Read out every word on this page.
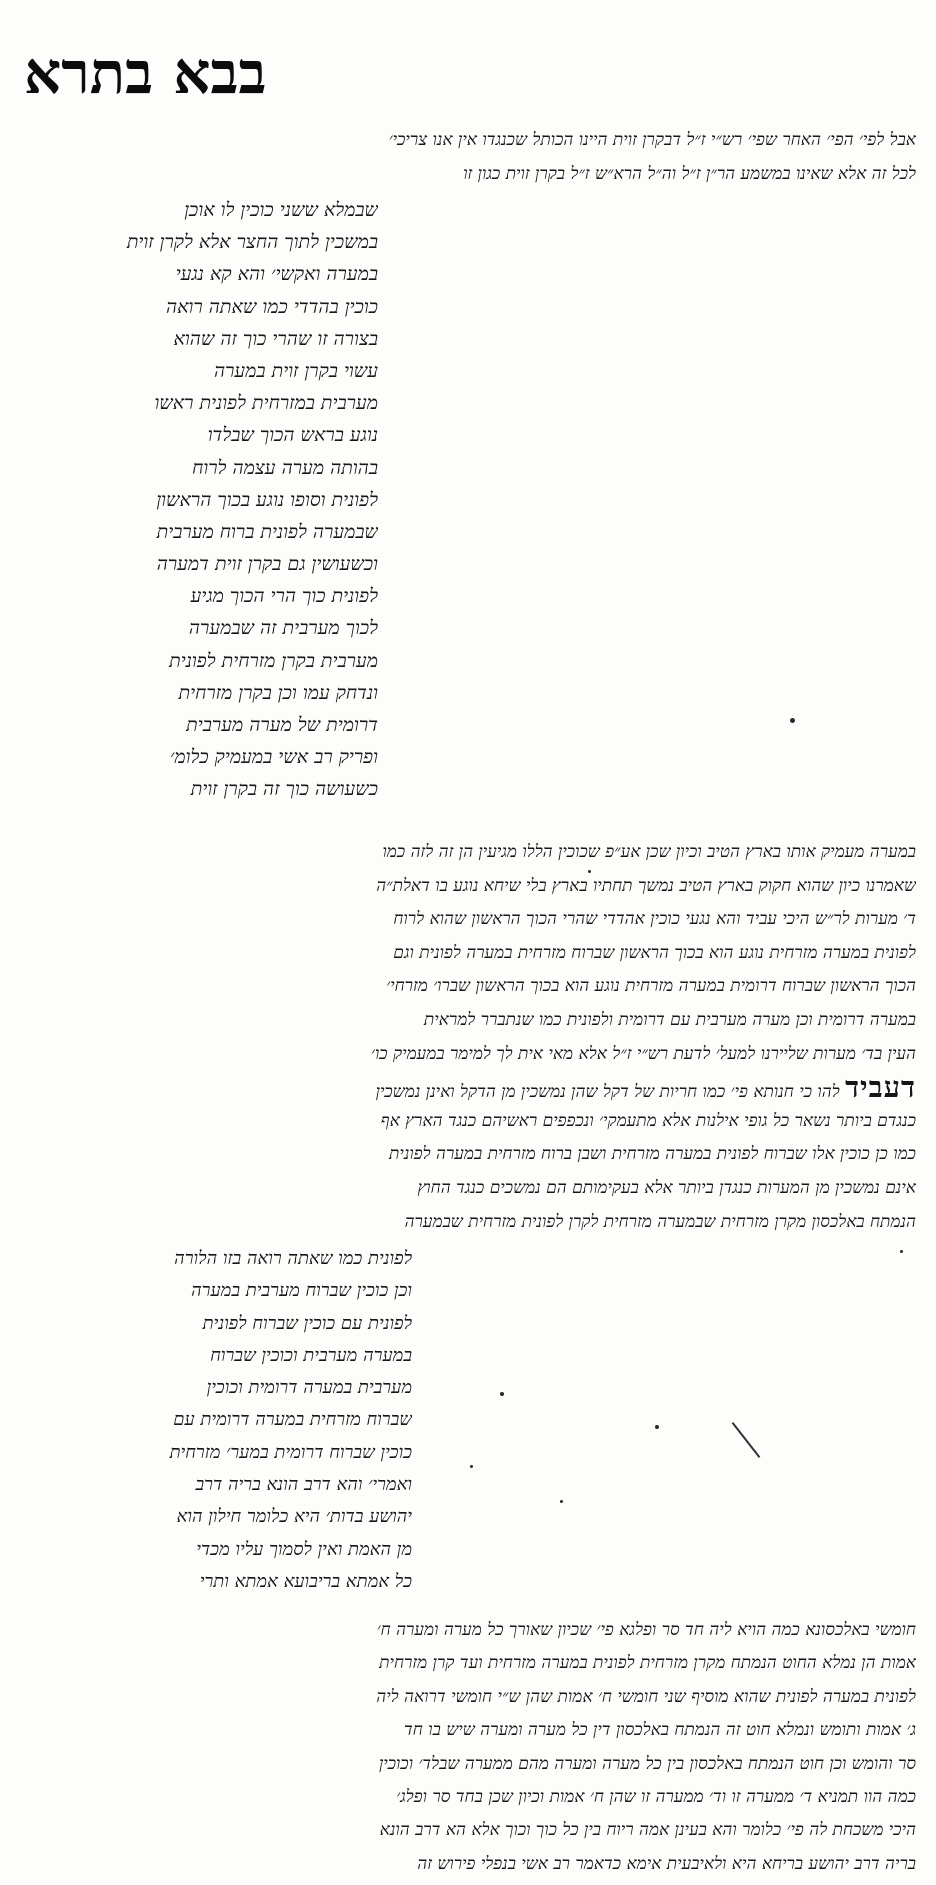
בבא בתרא
אבל לפי׳ הפי׳ האחר שפי׳ רש״י ז״ל דבקרן זוית היינו הכותל שכנגדו אין אנו צריכי׳
לכל זה אלא שאינו במשמע הר״ן ז״ל וה״ל הרא״ש ז״ל בקרן זוית כגון זו
שבמלא ששני כוכין לו אוכן
במשכין לתוך החצר אלא לקרן זוית
במערה ואקשי׳ והא קא נגעי
כוכין בהדדי כמו שאתה רואה
בצורה זו שהרי כוך זה שהוא
עשוי בקרן זוית במערה
מערבית במזרחית לפונית ראשו
נוגע בראש הכוך שבלדו
בהותה מערה עצמה לרוח
לפונית וסופו נוגע בכוך הראשון
שבמערה לפונית ברוח מערבית
וכשעושין גם בקרן זוית דמערה
לפונית כוך הרי הכוך מגיע
לכוך מערבית זה שבמערה
מערבית בקרן מזרחית לפונית
ונדחק עמו וכן בקרן מזרחית
דרומית של מערה מערבית
ופריק רב אשי במעמיק כלומ׳
כשעושה כוך זה בקרן זוית
במערה מעמיק אותו בארץ הטיב וכיון שכן אע״פ שכוכין הללו מגיעין הן זה לזה כמו
שאמרנו כיון שהוא חקוק בארץ הטיב נמשך תחתיו בארץ בלי שיחא נוגע בו דאלת״ה
ד׳ מערות לר״ש היכי עביד והא נגעי כוכין אהדדי שהרי הכוך הראשון שהוא לרוח
לפונית במערה מזרחית נוגע הוא בכוך הראשון שברוח מזרחית במערה לפונית וגם
הכוך הראשון שברוח דרומית במערה מזרחית נוגע הוא בכוך הראשון שברו׳ מזרחי׳
במערה דרומית וכן מערה מערבית עם דרומית ולפונית כמו שנתברר למראית
העין בד׳ מערות שליירנו למעל׳ לדעת רש״י ז״ל אלא מאי אית לך למימר במעמיק כו׳
דעביד להו כי חנותא פי׳ כמו חריות של דקל שהן נמשכין מן הדקל ואינן נמשכין
כנגדם ביותר נשאר כל גופי אילנות אלא מתעמקי׳ ונכפפים ראשיהם כנגד הארץ אף
כמו כן כוכין אלו שברוח לפונית במערה מזרחית ושבן ברוח מזרחית במערה לפונית
אינם נמשכין מן המערות כנגדן ביותר אלא בעקימותם הם נמשכים כנגד החוץ
הנמתח באלכסון מקרן מזרחית שבמערה מזרחית לקרן לפונית מזרחית שבמערה
לפונית כמו שאתה רואה בזו הלורה
וכן כוכין שברוח מערבית במערה
לפונית עם כוכין שברוח לפונית
במערה מערבית וכוכין שברוח
מערבית במערה דרומית וכוכין
שברוח מזרחית במערה דרומית עם
כוכין שברוח דרומית במער׳ מזרחית
ואמרי׳ והא דרב הונא בריה דרב
יהושע בדות׳ היא כלומר חילון הוא
מן האמת ואין לסמוך עליו מכדי
כל אמתא בריבועא אמתא ותרי
חומשי באלכסונא כמה הויא ליה חד סר ופלגא פי׳ שכיון שאורך כל מערה ומערה ח׳
אמות הן נמלא החוט הנמתח מקרן מזרחית לפונית במערה מזרחית ועד קרן מזרחית
לפונית במערה לפונית שהוא מוסיף שני חומשי ח׳ אמות שהן ש״י חומשי דרואה ליה
ג׳ אמות ותומש ונמלא חוט זה הנמתח באלכסון דין כל מערה ומערה שיש בו חד
סר והומש וכן חוט הנמתח באלכסון בין כל מערה ומערה מהם ממערה שבלד׳ וכוכין
כמה הוו תמניא ד׳ ממערה זו וד׳ ממערה זו שהן ח׳ אמות וכיון שכן בחד סר ופלג׳
היכי משכחת לה פי׳ כלומר והא בעינן אמה ריוח בין כל כוך וכוך אלא הא דרב הונא
בריה דרב יהושע בריחא היא ולאיבעית אימא כדאמר רב אשי בנפלי פירוש זה
